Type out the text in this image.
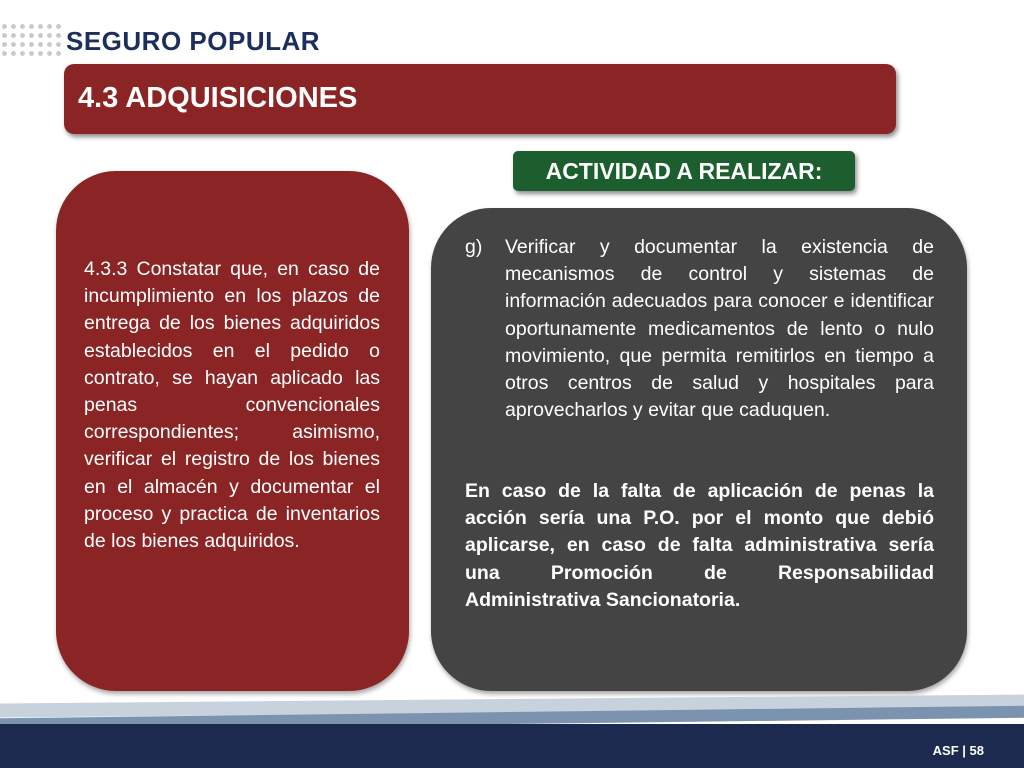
SEGURO POPULAR
4.3 ADQUISICIONES
ACTIVIDAD A REALIZAR:
4.3.3 Constatar que, en caso de incumplimiento en los plazos de entrega de los bienes adquiridos establecidos en el pedido o contrato, se hayan aplicado las penas convencionales correspondientes; asimismo, verificar el registro de los bienes en el almacén y documentar el proceso y practica de inventarios de los bienes adquiridos.
g) Verificar y documentar la existencia de mecanismos de control y sistemas de información adecuados para conocer e identificar oportunamente medicamentos de lento o nulo movimiento, que permita remitirlos en tiempo a otros centros de salud y hospitales para aprovecharlos y evitar que caduquen.
En caso de la falta de aplicación de penas la acción sería una P.O. por el monto que debió aplicarse, en caso de falta administrativa sería una Promoción de Responsabilidad Administrativa Sancionatoria.
ASF | 58
